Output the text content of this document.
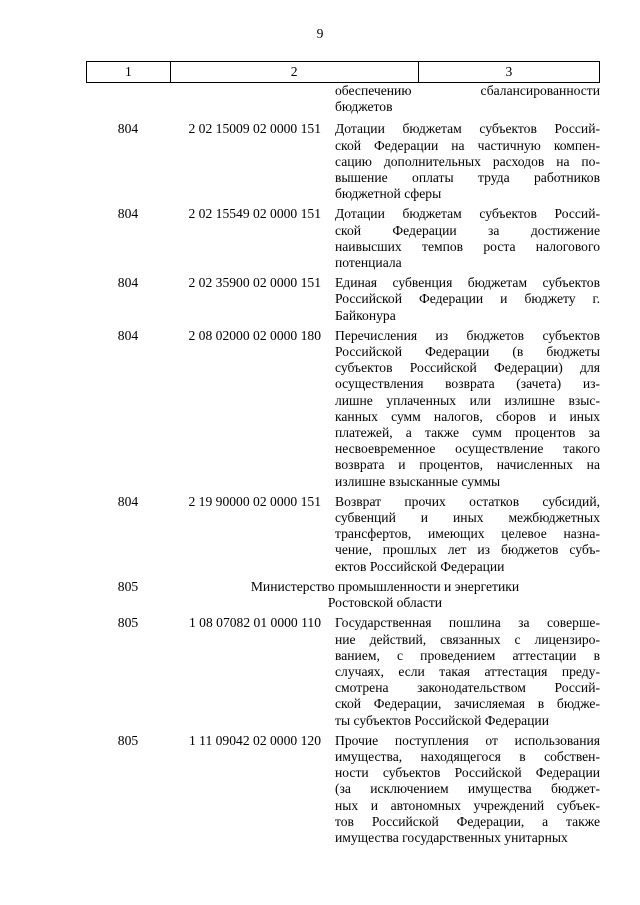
9
1	2	3
обеспечению сбалансированности
бюджетов
804	2 02 15009 02 0000 151	Дотации бюджетам субъектов Россий-
ской Федерации на частичную компен-
сацию дополнительных расходов на по-
вышение оплаты труда работников
бюджетной сферы
804	2 02 15549 02 0000 151	Дотации бюджетам субъектов Россий-
ской Федерации за достижение
наивысших темпов роста налогового
потенциала
804	2 02 35900 02 0000 151	Единая субвенция бюджетам субъектов
Российской Федерации и бюджету г.
Байконура
804	2 08 02000 02 0000 180	Перечисления из бюджетов субъектов
Российской Федерации (в бюджеты
субъектов Российской Федерации) для
осуществления возврата (зачета) из-
лишне уплаченных или излишне взыс-
канных сумм налогов, сборов и иных
платежей, а также сумм процентов за
несвоевременное осуществление такого
возврата и процентов, начисленных на
излишне взысканные суммы
804	2 19 90000 02 0000 151	Возврат прочих остатков субсидий,
субвенций и иных межбюджетных
трансфертов, имеющих целевое назна-
чение, прошлых лет из бюджетов субъ-
ектов Российской Федерации
805	Министерство промышленности и энергетики
Ростовской области
805	1 08 07082 01 0000 110	Государственная пошлина за соверше-
ние действий, связанных с лицензиро-
ванием, с проведением аттестации в
случаях, если такая аттестация преду-
смотрена законодательством Россий-
ской Федерации, зачисляемая в бюдже-
ты субъектов Российской Федерации
805	1 11 09042 02 0000 120	Прочие поступления от использования
имущества, находящегося в собствен-
ности субъектов Российской Федерации
(за исключением имущества бюджет-
ных и автономных учреждений субъек-
тов Российской Федерации, а также
имущества государственных унитарных
